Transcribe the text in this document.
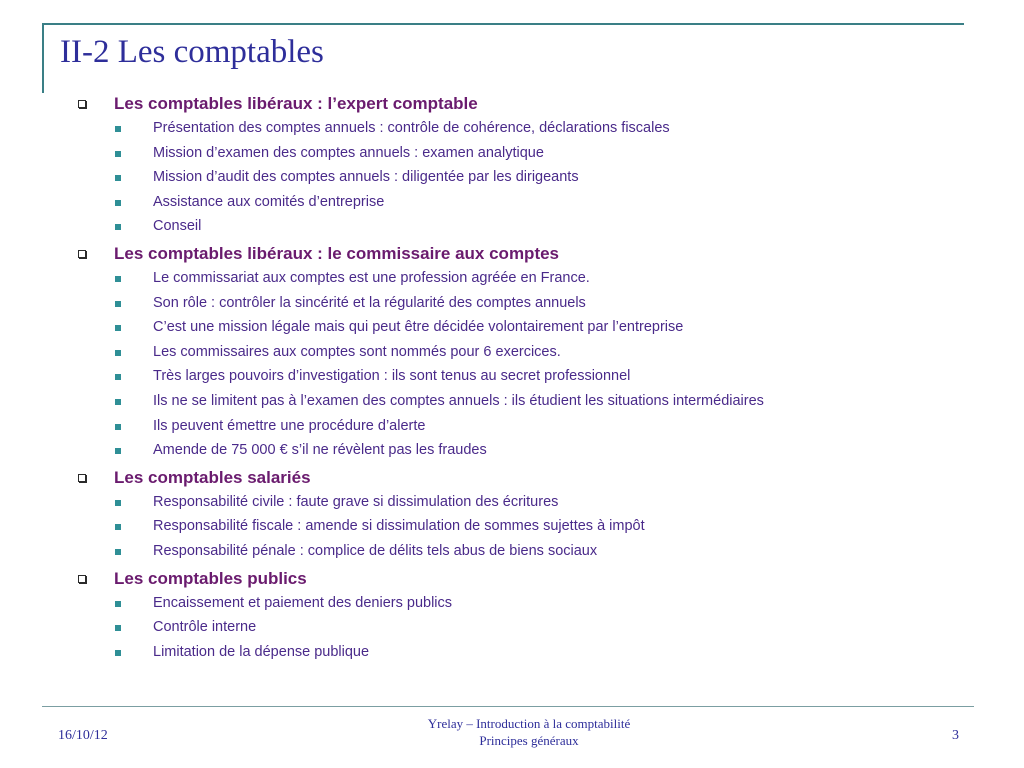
II-2 Les comptables
Les comptables libéraux : l’expert comptable
Présentation des comptes annuels : contrôle de cohérence, déclarations fiscales
Mission d’examen des comptes annuels : examen analytique
Mission d’audit des comptes annuels : diligentée par les dirigeants
Assistance aux comités d’entreprise
Conseil
Les comptables libéraux : le commissaire aux comptes
Le commissariat aux comptes est une profession agréée en France.
Son rôle : contrôler la sincérité et la régularité des comptes annuels
C’est une mission légale mais qui peut être décidée volontairement par l’entreprise
Les commissaires aux comptes sont nommés pour 6 exercices.
Très larges pouvoirs d’investigation : ils sont tenus au secret professionnel
Ils ne se limitent pas à l’examen des comptes annuels : ils étudient les situations intermédiaires
Ils peuvent émettre une procédure d’alerte
Amende de 75 000 € s’il ne révèlent pas les fraudes
Les comptables salariés
Responsabilité civile : faute grave si dissimulation des écritures
Responsabilité fiscale : amende si dissimulation de sommes sujettes à impôt
Responsabilité pénale : complice de délits tels abus de biens sociaux
Les comptables publics
Encaissement et paiement des deniers publics
Contrôle interne
Limitation de la dépense publique
16/10/12
Yrelay – Introduction à la comptabilité
Principes généraux	3
